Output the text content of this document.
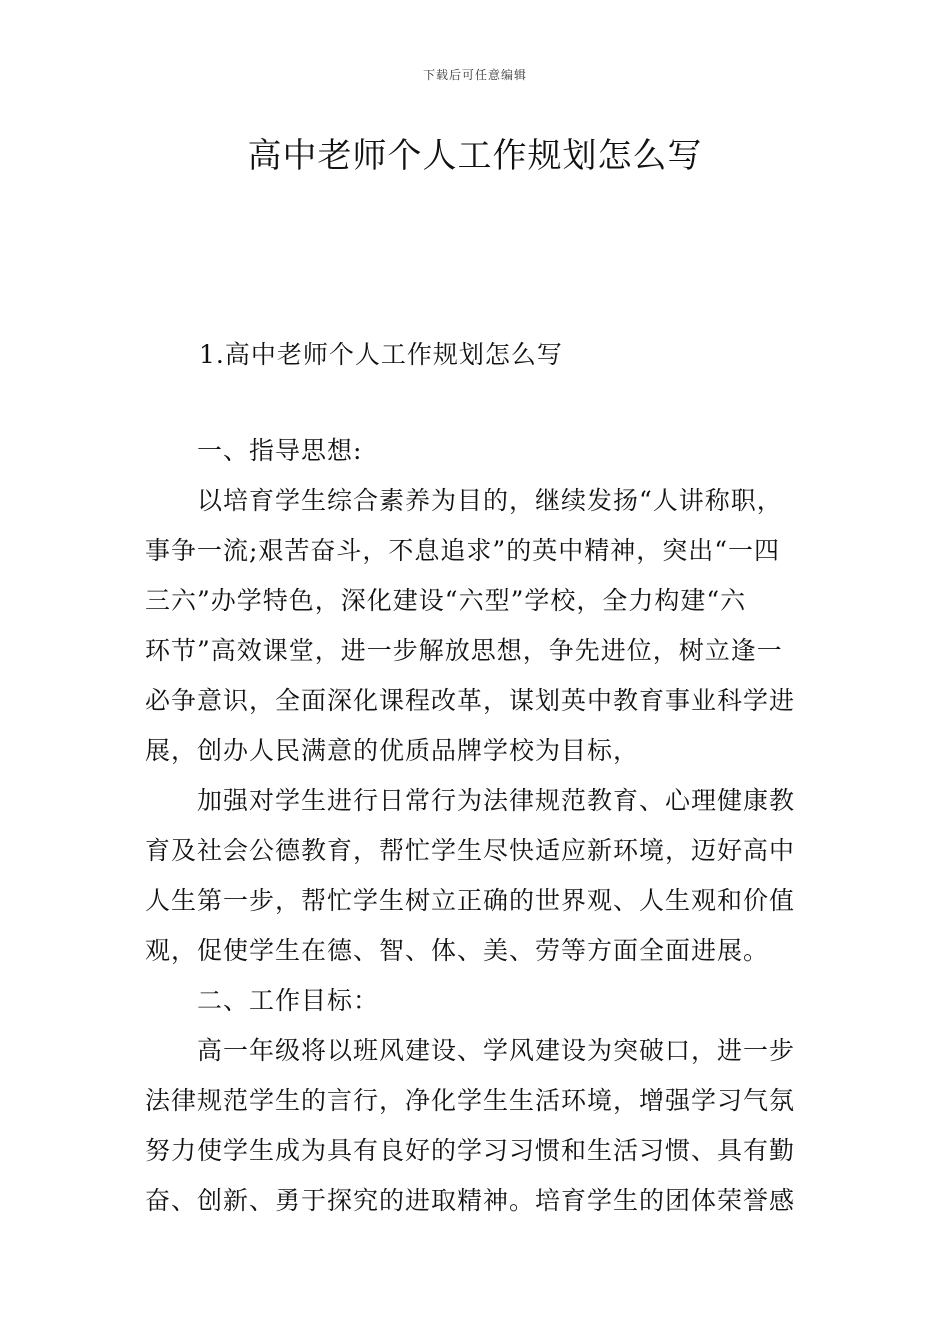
下载后可任意编辑
高中老师个人工作规划怎么写
1.高中老师个人工作规划怎么写
一、指导思想:
以培育学生综合素养为目的，继续发扬“人讲称职，
事争一流;艰苦奋斗，不息追求”的英中精神，突出“一四
三六”办学特色，深化建设“六型”学校，全力构建“六
环节”高效课堂，进一步解放思想，争先进位，树立逢一
必争意识，全面深化课程改革，谋划英中教育事业科学进
展，创办人民满意的优质品牌学校为目标，
加强对学生进行日常行为法律规范教育、心理健康教
育及社会公德教育，帮忙学生尽快适应新环境，迈好高中
人生第一步，帮忙学生树立正确的世界观、人生观和价值
观，促使学生在德、智、体、美、劳等方面全面进展。
二、工作目标：
高一年级将以班风建设、学风建设为突破口，进一步
法律规范学生的言行，净化学生生活环境，增强学习气氛
努力使学生成为具有良好的学习习惯和生活习惯、具有勤
奋、创新、勇于探究的进取精神。培育学生的团体荣誉感
